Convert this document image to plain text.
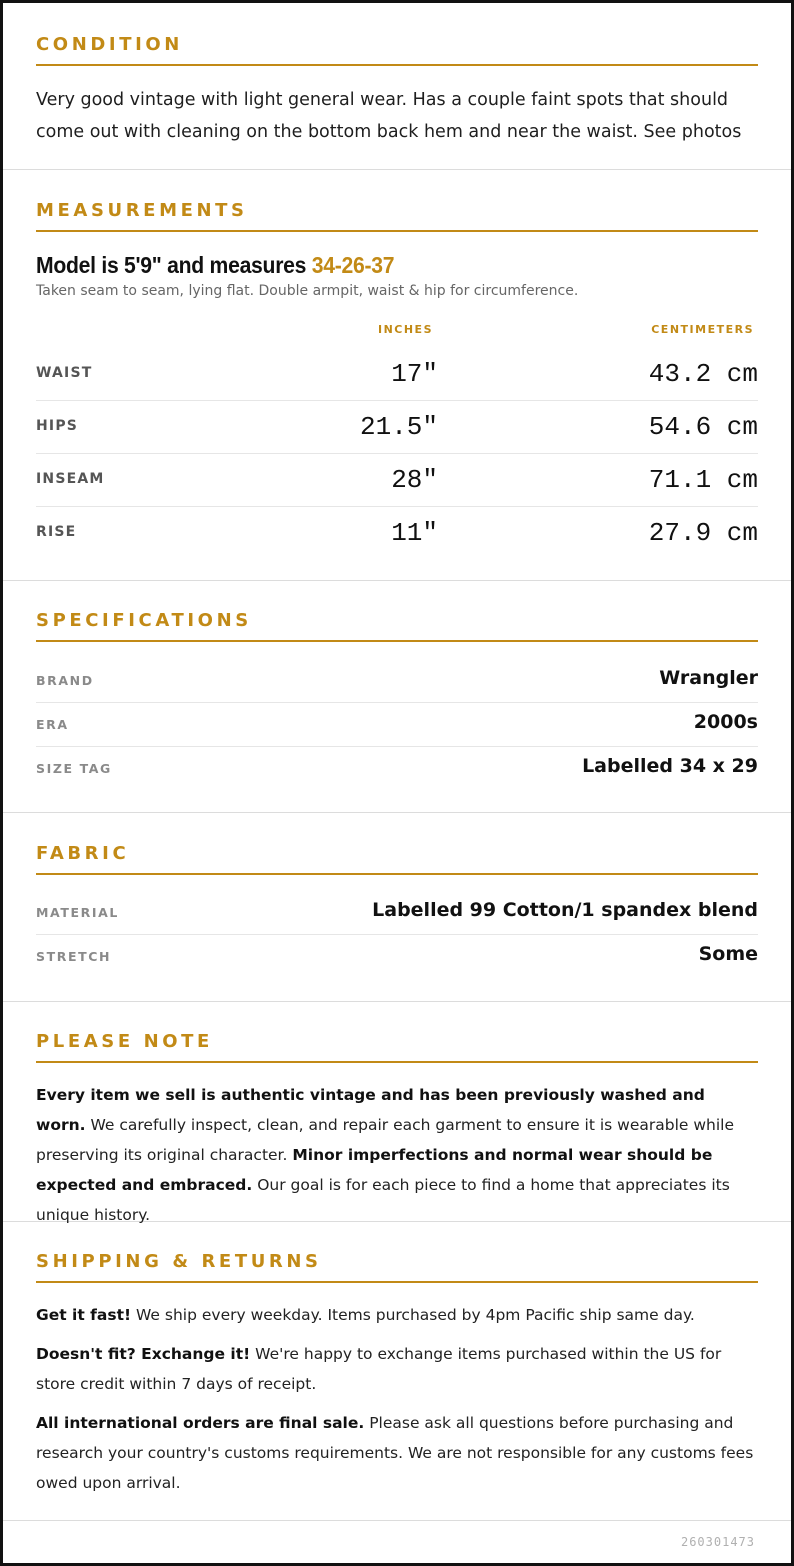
CONDITION
Very good vintage with light general wear. Has a couple faint spots that should come out with cleaning on the bottom back hem and near the waist. See photos
MEASUREMENTS
Model is 5'9" and measures 34-26-37
Taken seam to seam, lying flat. Double armpit, waist & hip for circumference.
INCHES	CENTIMETERS
WAIST	17"	43.2 cm
HIPS	21.5"	54.6 cm
INSEAM	28"	71.1 cm
RISE	11"	27.9 cm
SPECIFICATIONS
BRAND	Wrangler
ERA	2000s
SIZE TAG	Labelled 34 x 29
FABRIC
MATERIAL	Labelled 99 Cotton/1 spandex blend
STRETCH	Some
PLEASE NOTE
Every item we sell is authentic vintage and has been previously washed and worn. We carefully inspect, clean, and repair each garment to ensure it is wearable while preserving its original character. Minor imperfections and normal wear should be expected and embraced. Our goal is for each piece to find a home that appreciates its unique history.
SHIPPING & RETURNS
Get it fast! We ship every weekday. Items purchased by 4pm Pacific ship same day.
Doesn't fit? Exchange it! We're happy to exchange items purchased within the US for store credit within 7 days of receipt.
All international orders are final sale. Please ask all questions before purchasing and research your country's customs requirements. We are not responsible for any customs fees owed upon arrival.
260301473
